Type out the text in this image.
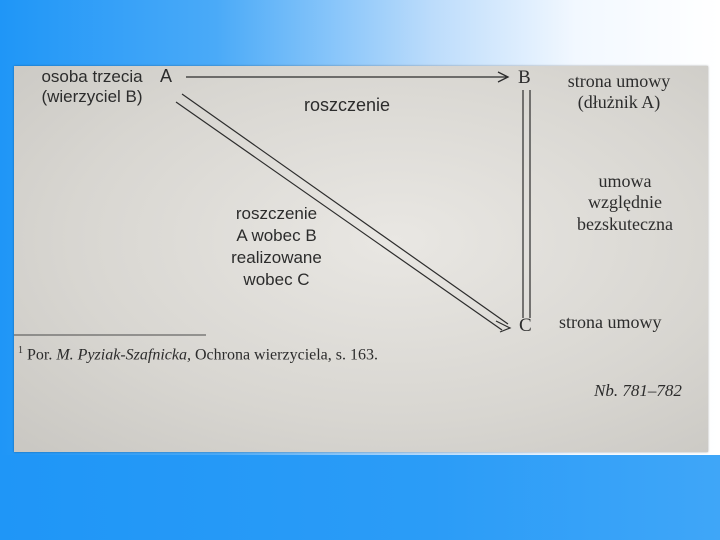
osoba trzecia
(wierzyciel B)
A	B	strona umowy
(dłużnik A)
roszczenie
umowa
względnie
bezskuteczna
roszczenie
A wobec B
realizowane
wobec C
C strona umowy
$^1$ Por. M. Pyziak-Szafnicka, Ochrona wierzyciela, s. 163.
Nb. 781–782
